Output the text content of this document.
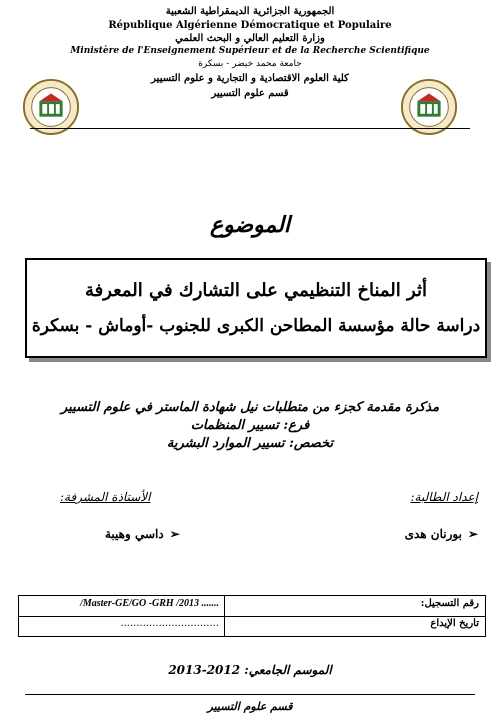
الجمهورية الجزائرية الديمقراطية الشعبية
République Algérienne Démocratique et Populaire
وزارة التعليم العالي و البحث العلمي
Ministère de l'Enseignement Supérieur et de la Recherche Scientifique
جامعة محمد خيضر - بسكرة
كلية العلوم الاقتصادية و التجارية و علوم التسيير
قسم علوم التسيير
الموضوع
أثر المناخ التنظيمي على التشارك في المعرفة
دراسة حالة مؤسسة المطاحن الكبرى للجنوب -أوماش - بسكرة
مذكرة مقدمة كجزء من متطلبات نيل شهادة الماستر في علوم التسيير
فرع: تسيير المنظمات
تخصص: تسيير الموارد البشرية
إعداد الطالبة:
الأستاذة المشرفة:
➢
بورنان هدى
➢
داسي وهيبة
/Master-GE/GO -GRH /2013 .......	رقم التسجيل:
...............................	تاريخ الإيداع
الموسم الجامعي: 2012-2013
قسم علوم التسيير
